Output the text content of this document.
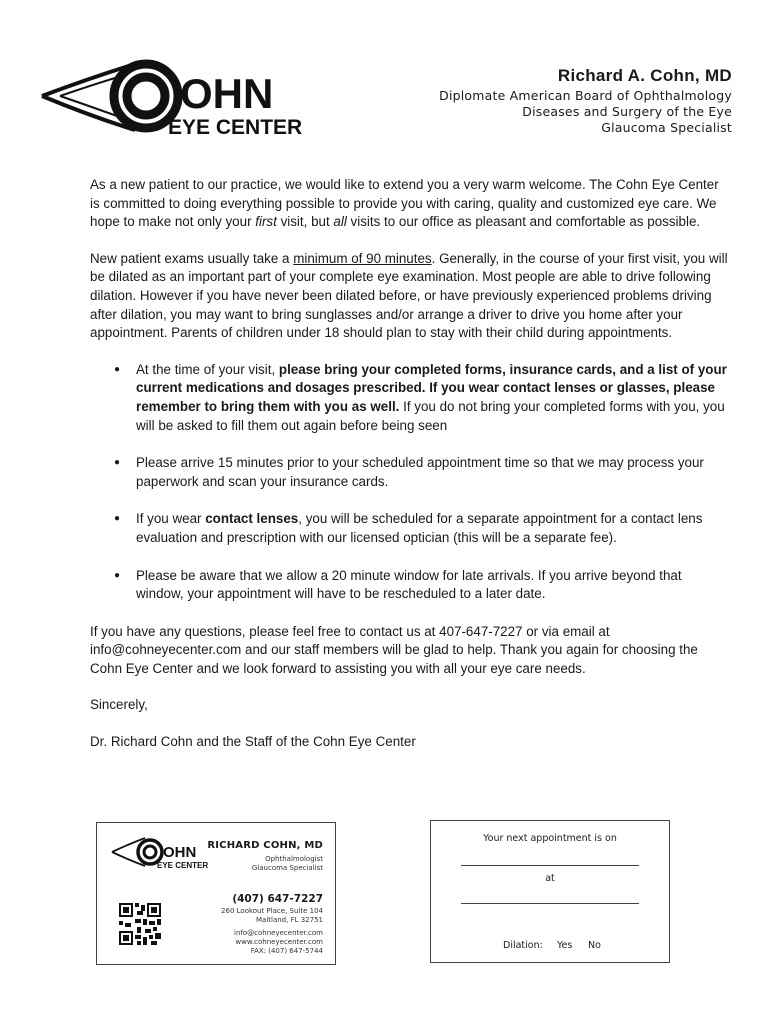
OHN
EYE CENTER
Richard A. Cohn, MD
Diplomate American Board of Ophthalmology
Diseases and Surgery of the Eye
Glaucoma Specialist

As a new patient to our practice, we would like to extend you a very warm welcome. The Cohn Eye Center is committed to doing everything possible to provide you with caring, quality and customized eye care. We hope to make not only your first visit, but all visits to our office as pleasant and comfortable as possible.

New patient exams usually take a minimum of 90 minutes. Generally, in the course of your first visit, you will be dilated as an important part of your complete eye examination. Most people are able to drive following dilation. However if you have never been dilated before, or have previously experienced problems driving after dilation, you may want to bring sunglasses and/or arrange a driver to drive you home after your appointment. Parents of children under 18 should plan to stay with their child during appointments.

● At the time of your visit, please bring your completed forms, insurance cards, and a list of your current medications and dosages prescribed. If you wear contact lenses or glasses, please remember to bring them with you as well. If you do not bring your completed forms with you, you will be asked to fill them out again before being seen
● Please arrive 15 minutes prior to your scheduled appointment time so that we may process your paperwork and scan your insurance cards.
● If you wear contact lenses, you will be scheduled for a separate appointment for a contact lens evaluation and prescription with our licensed optician (this will be a separate fee).
● Please be aware that we allow a 20 minute window for late arrivals. If you arrive beyond that window, your appointment will have to be rescheduled to a later date.

If you have any questions, please feel free to contact us at 407-647-7227 or via email at info@cohneyecenter.com and our staff members will be glad to help. Thank you again for choosing the Cohn Eye Center and we look forward to assisting you with all your eye care needs.

Sincerely,

Dr. Richard Cohn and the Staff of the Cohn Eye Center

OHN
EYE CENTER
RICHARD COHN, MD
Ophthalmologist
Glaucoma Specialist
(407) 647-7227
260 Lookout Place, Suite 104
Maitland, FL 32751
info@cohneyecenter.com
www.cohneyecenter.com
FAX: (407) 647-5744
Your next appointment is on
at
Dilation: Yes No
